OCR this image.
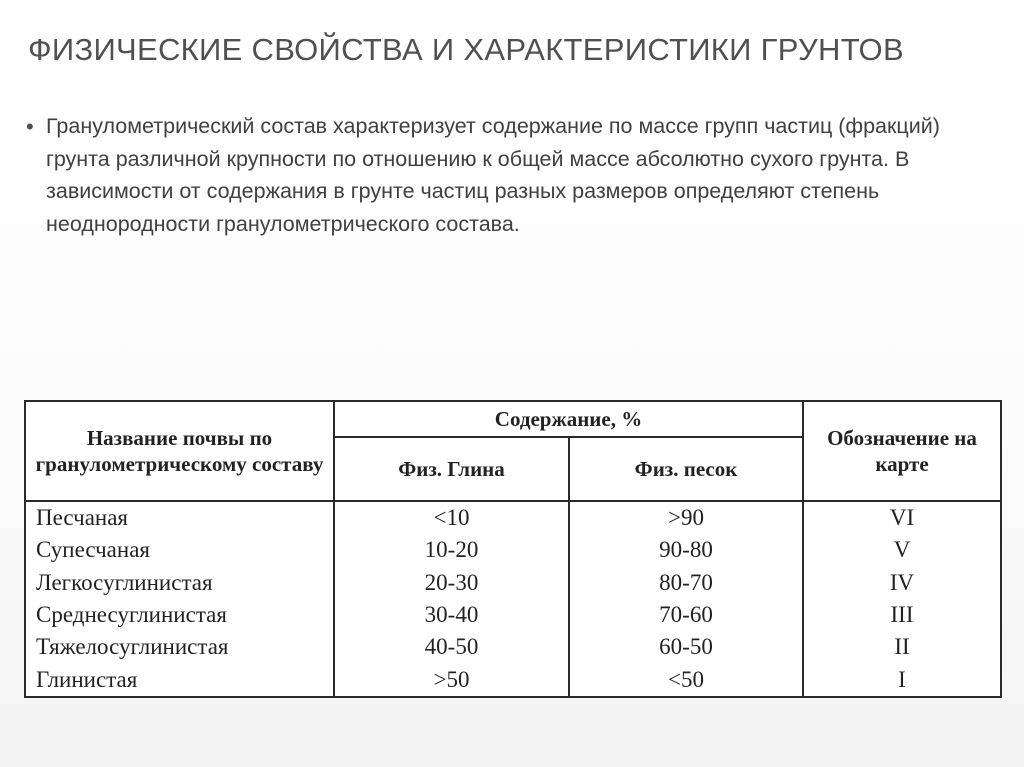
ФИЗИЧЕСКИЕ СВОЙСТВА И ХАРАКТЕРИСТИКИ ГРУНТОВ
• Гранулометрический состав характеризует содержание по массе групп частиц (фракций) грунта различной крупности по отношению к общей массе абсолютно сухого грунта. В зависимости от содержания в грунте частиц разных размеров определяют степень неоднородности гранулометрического состава.

Название почвы по гранулометрическому составу	Содержание, %		Обозначение на карте
	Физ. Глина	Физ. песок	
Песчаная	<10	>90	VI
Супесчаная	10-20	90-80	V
Легкосуглинистая	20-30	80-70	IV
Среднесуглинистая	30-40	70-60	III
Тяжелосуглинистая	40-50	60-50	II
Глинистая	>50	<50	I
